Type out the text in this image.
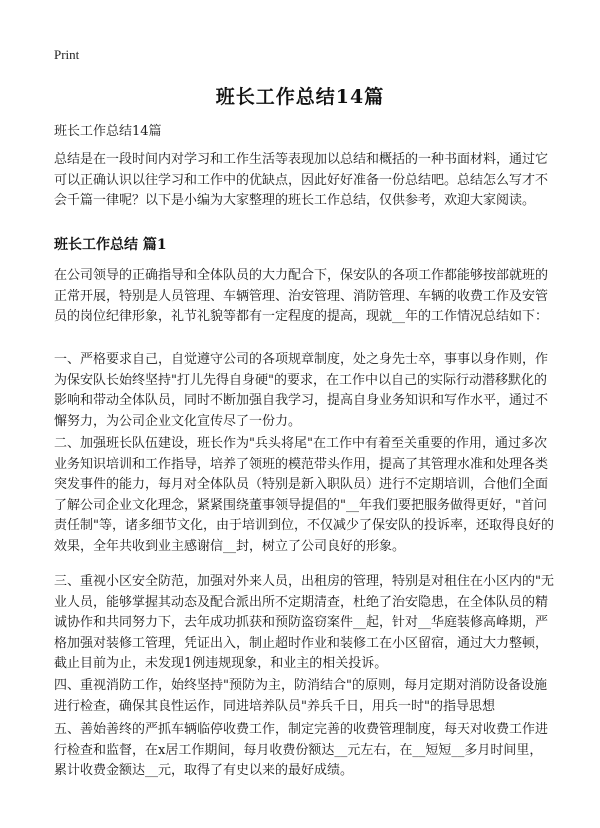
Print
班长工作总结14篇
班长工作总结14篇

总结是在一段时间内对学习和工作生活等表现加以总结和概括的一种书面材料，通过它可以正确认识以往学习和工作中的优缺点，因此好好准备一份总结吧。总结怎么写才不会千篇一律呢？以下是小编为大家整理的班长工作总结，仅供参考，欢迎大家阅读。

班长工作总结 篇1

在公司领导的正确指导和全体队员的大力配合下，保安队的各项工作都能够按部就班的正常开展，特别是人员管理、车辆管理、治安管理、消防管理、车辆的收费工作及安管员的岗位纪律形象，礼节礼貌等都有一定程度的提高，现就__年的工作情况总结如下：

一、严格要求自己，自觉遵守公司的各项规章制度，处之身先士卒，事事以身作则，作为保安队长始终坚持"打儿先得自身硬"的要求，在工作中以自己的实际行动潜移默化的影响和带动全体队员，同时不断加强自我学习，提高自身业务知识和写作水平，通过不懈努力，为公司企业文化宣传尽了一份力。

二、加强班长队伍建设，班长作为"兵头将尾"在工作中有着至关重要的作用，通过多次业务知识培训和工作指导，培养了领班的模范带头作用，提高了其管理水准和处理各类突发事件的能力，每月对全体队员（特别是新入职队员）进行不定期培训，合他们全面了解公司企业文化理念，紧紧围绕董事领导提倡的"__年我们要把服务做得更好，"首问责任制"等，诸多细节文化，由于培训到位，不仅减少了保安队的投诉率，还取得良好的效果，全年共收到业主感谢信__封，树立了公司良好的形象。

三、重视小区安全防范，加强对外来人员，出租房的管理，特别是对租住在小区内的"无业人员，能够掌握其动态及配合派出所不定期清查，杜绝了治安隐患，在全体队员的精诚协作和共同努力下，去年成功抓获和预防盗窃案件__起，针对__华庭装修高峰期，严格加强对装修工管理，凭证出入，制止超时作业和装修工在小区留宿，通过大力整顿，截止目前为止，未发现1例违规现象，和业主的相关投诉。

四、重视消防工作，始终坚持"预防为主，防消结合"的原则，每月定期对消防设备设施进行检查，确保其良性运作，同进培养队员"养兵千日，用兵一时"的指导思想

五、善始善终的严抓车辆临停收费工作，制定完善的收费管理制度，每天对收费工作进行检查和监督，在x居工作期间，每月收费份额达__元左右，在__短短__多月时间里，累计收费金额达__元，取得了有史以来的最好成绩。
